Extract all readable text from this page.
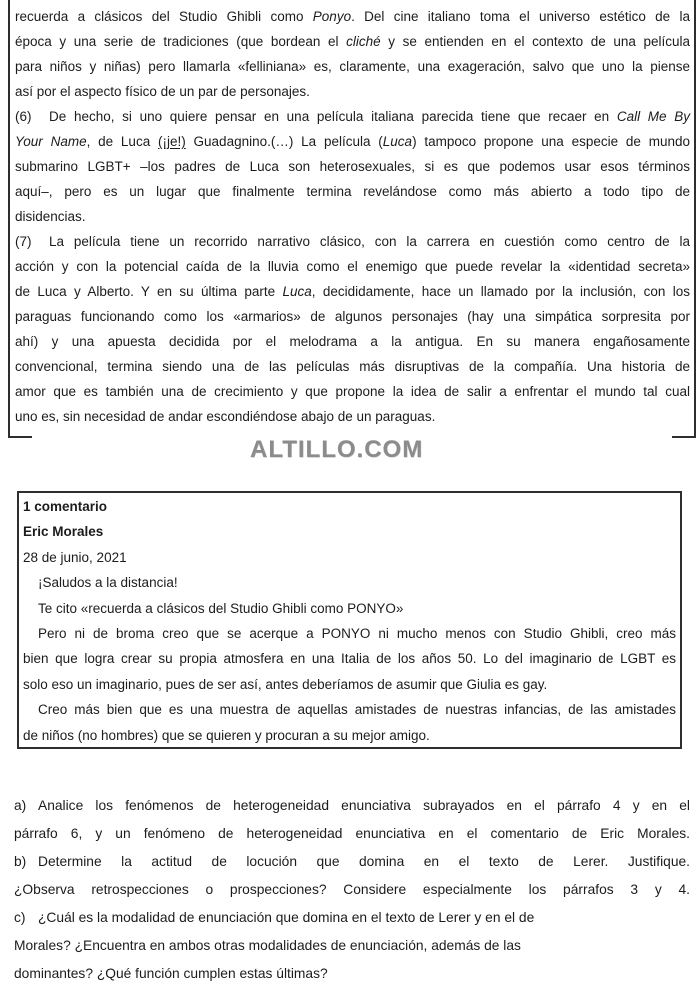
recuerda a clásicos del Studio Ghibli como Ponyo. Del cine italiano toma el universo estético de la
época y una serie de tradiciones (que bordean el cliché y se entienden en el contexto de una película
para niños y niñas) pero llamarla «felliniana» es, claramente, una exageración, salvo que uno la piense
así por el aspecto físico de un par de personajes.
(6) De hecho, si uno quiere pensar en una película italiana parecida tiene que recaer en Call Me By
Your Name, de Luca (¡je!) Guadagnino.(…) La película (Luca) tampoco propone una especie de mundo
submarino LGBT+ –los padres de Luca son heterosexuales, si es que podemos usar esos términos
aquí–, pero es un lugar que finalmente termina revelándose como más abierto a todo tipo de
disidencias.
(7) La película tiene un recorrido narrativo clásico, con la carrera en cuestión como centro de la
acción y con la potencial caída de la lluvia como el enemigo que puede revelar la «identidad secreta»
de Luca y Alberto. Y en su última parte Luca, decididamente, hace un llamado por la inclusión, con los
paraguas funcionando como los «armarios» de algunos personajes (hay una simpática sorpresita por
ahí) y una apuesta decidida por el melodrama a la antigua. En su manera engañosamente
convencional, termina siendo una de las películas más disruptivas de la compañía. Una historia de
amor que es también una de crecimiento y que propone la idea de salir a enfrentar el mundo tal cual
uno es, sin necesidad de andar escondiéndose abajo de un paraguas.
ALTILLO.COM
1 comentario
Eric Morales
28 de junio, 2021
¡Saludos a la distancia!
Te cito «recuerda a clásicos del Studio Ghibli como PONYO»
Pero ni de broma creo que se acerque a PONYO ni mucho menos con Studio Ghibli, creo más
bien que logra crear su propia atmosfera en una Italia de los años 50. Lo del imaginario de LGBT es
solo eso un imaginario, pues de ser así, antes deberíamos de asumir que Giulia es gay.
Creo más bien que es una muestra de aquellas amistades de nuestras infancias, de las amistades
de niños (no hombres) que se quieren y procuran a su mejor amigo.
a) Analice los fenómenos de heterogeneidad enunciativa subrayados en el párrafo 4 y en el
párrafo 6, y un fenómeno de heterogeneidad enunciativa en el comentario de Eric Morales.
b) Determine la actitud de locución que domina en el texto de Lerer. Justifique.
¿Observa retrospecciones o prospecciones? Considere especialmente los párrafos 3 y 4.
c) ¿Cuál es la modalidad de enunciación que domina en el texto de Lerer y en el de
Morales? ¿Encuentra en ambos otras modalidades de enunciación, además de las
dominantes? ¿Qué función cumplen estas últimas?
